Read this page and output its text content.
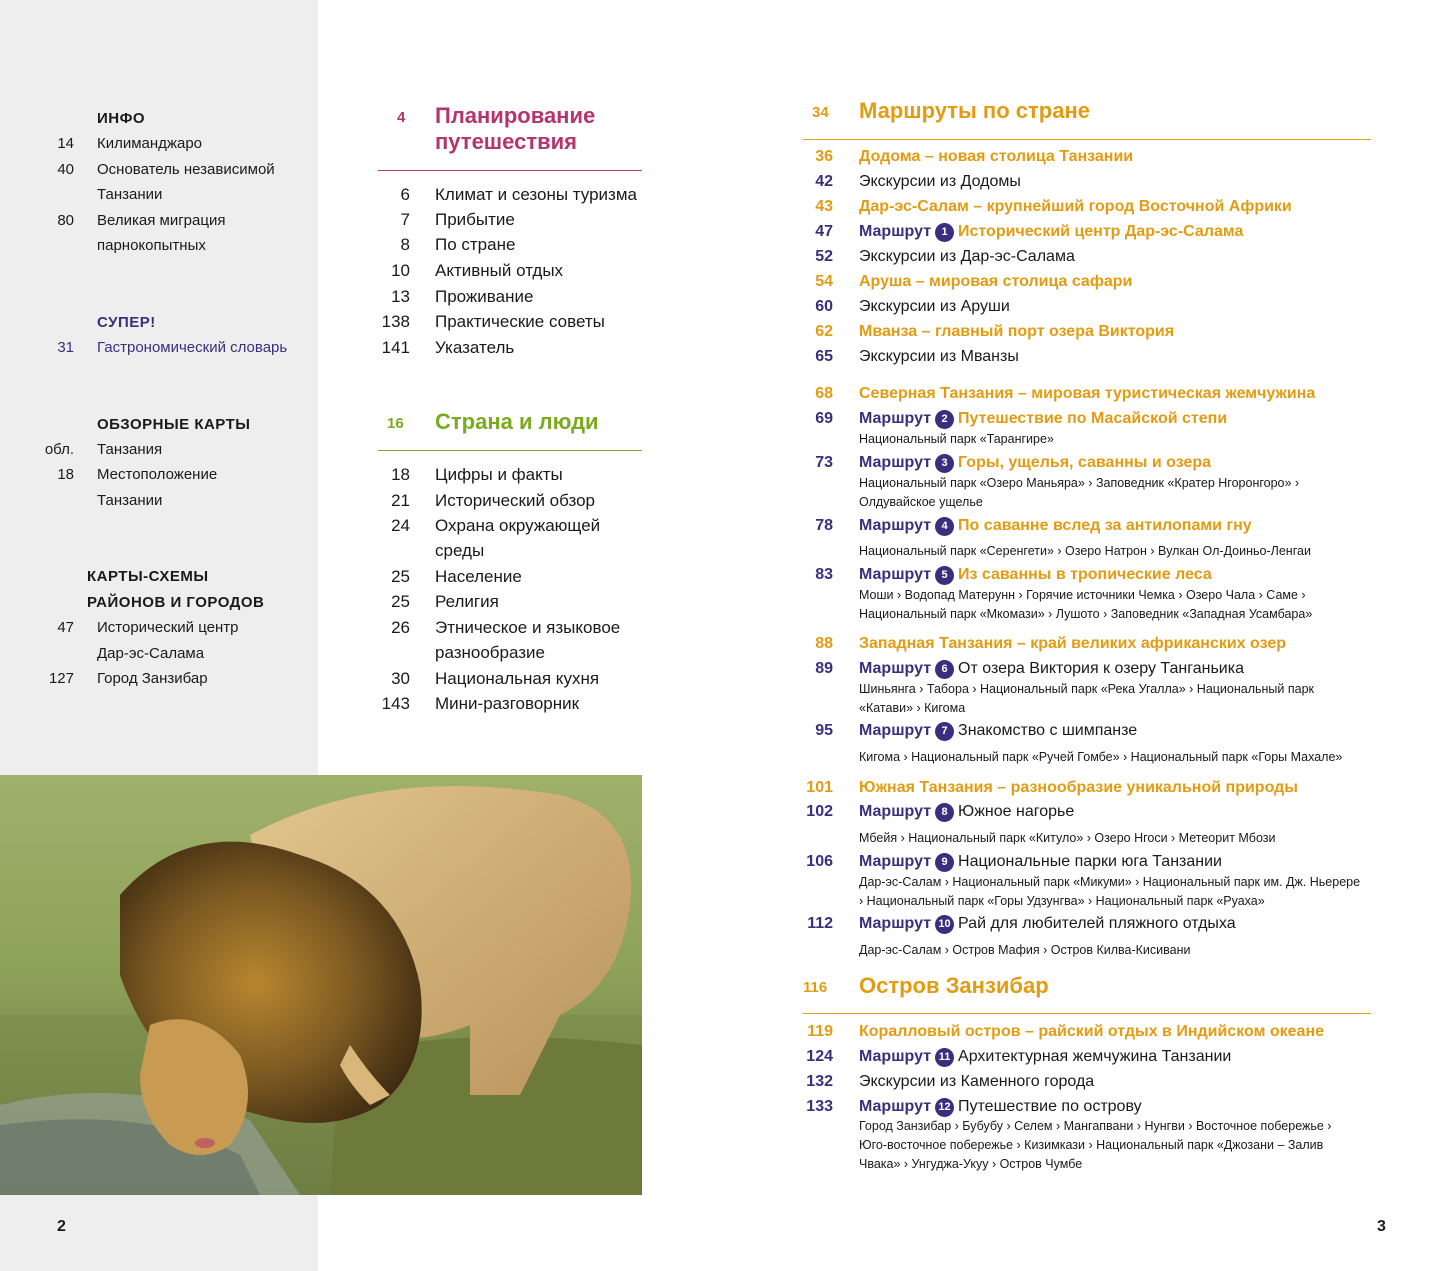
ИНФО
14 Килиманджаро
40 Основатель независимой
Танзании
80 Великая миграция
парнокопытных
СУПЕР!
31 Гастрономический словарь
ОБЗОРНЫЕ КАРТЫ
обл. Танзания
18 Местоположение
Танзании
КАРТЫ-СХЕМЫ
РАЙОНОВ И ГОРОДОВ
47 Исторический центр
Дар-эс-Салама
127 Город Занзибар
4 Планирование
путешествия
6 Климат и сезоны туризма
7 Прибытие
8 По стране
10 Активный отдых
13 Проживание
138 Практические советы
141 Указатель
16 Страна и люди
18 Цифры и факты
21 Исторический обзор
24 Охрана окружающей
среды
25 Население
25 Религия
26 Этническое и языковое
разнообразие
30 Национальная кухня
143 Мини-разговорник
34 Маршруты по стране
116 Остров Занзибар
36 Додома – новая столица Танзании
42 Экскурсии из Додомы
43 Дар-эс-Салам – крупнейший город Восточной Африки
47 Маршрут 1 Исторический центр Дар-эс-Салама
52 Экскурсии из Дар-эс-Салама
54 Аруша – мировая столица сафари
60 Экскурсии из Аруши
62 Мванза – главный порт озера Виктория
65 Экскурсии из Мванзы
68 Северная Танзания – мировая туристическая жемчужина
69 Маршрут 2 Путешествие по Масайской степи
Национальный парк «Тарангире»
73 Маршрут 3 Горы, ущелья, саванны и озера
Национальный парк «Озеро Маньяра» › Заповедник «Кратер Нгоронгоро» ›
Олдувайское ущелье
78 Маршрут 4 По саванне вслед за антилопами гну
Национальный парк «Серенгети» › Озеро Натрон › Вулкан Ол-Доиньо-Ленгаи
83 Маршрут 5 Из саванны в тропические леса
Моши › Водопад Матерунн › Горячие источники Чемка › Озеро Чала › Саме ›
Национальный парк «Мкомази» › Лушото › Заповедник «Западная Усамбара»
88 Западная Танзания – край великих африканских озер
89 Маршрут 6 От озера Виктория к озеру Танганьика
Шиньянга › Табора › Национальный парк «Река Угалла» › Национальный парк
«Катави» › Кигома
95 Маршрут 7 Знакомство с шимпанзе
Кигома › Национальный парк «Ручей Гомбе» › Национальный парк «Горы Махале»
101 Южная Танзания – разнообразие уникальной природы
102 Маршрут 8 Южное нагорье
Мбейя › Национальный парк «Китуло» › Озеро Нгоси › Метеорит Мбози
106 Маршрут 9 Национальные парки юга Танзании
Дар-эс-Салам › Национальный парк «Микуми» › Национальный парк им. Дж. Ньерере
› Национальный парк «Горы Удзунгва» › Национальный парк «Руаха»
112 Маршрут 10 Рай для любителей пляжного отдыха
Дар-эс-Салам › Остров Мафия › Остров Килва-Кисивани
119 Коралловый остров – райский отдых в Индийском океане
124 Маршрут 11 Архитектурная жемчужина Танзании
132 Экскурсии из Каменного города
133 Маршрут 12 Путешествие по острову
Город Занзибар › Бубубу › Селем › Мангапвани › Нунгви › Восточное побережье ›
Юго-восточное побережье › Кизимкази › Национальный парк «Джозани – Залив
Чвака» › Унгуджа-Укуу › Остров Чумбе
2	3
